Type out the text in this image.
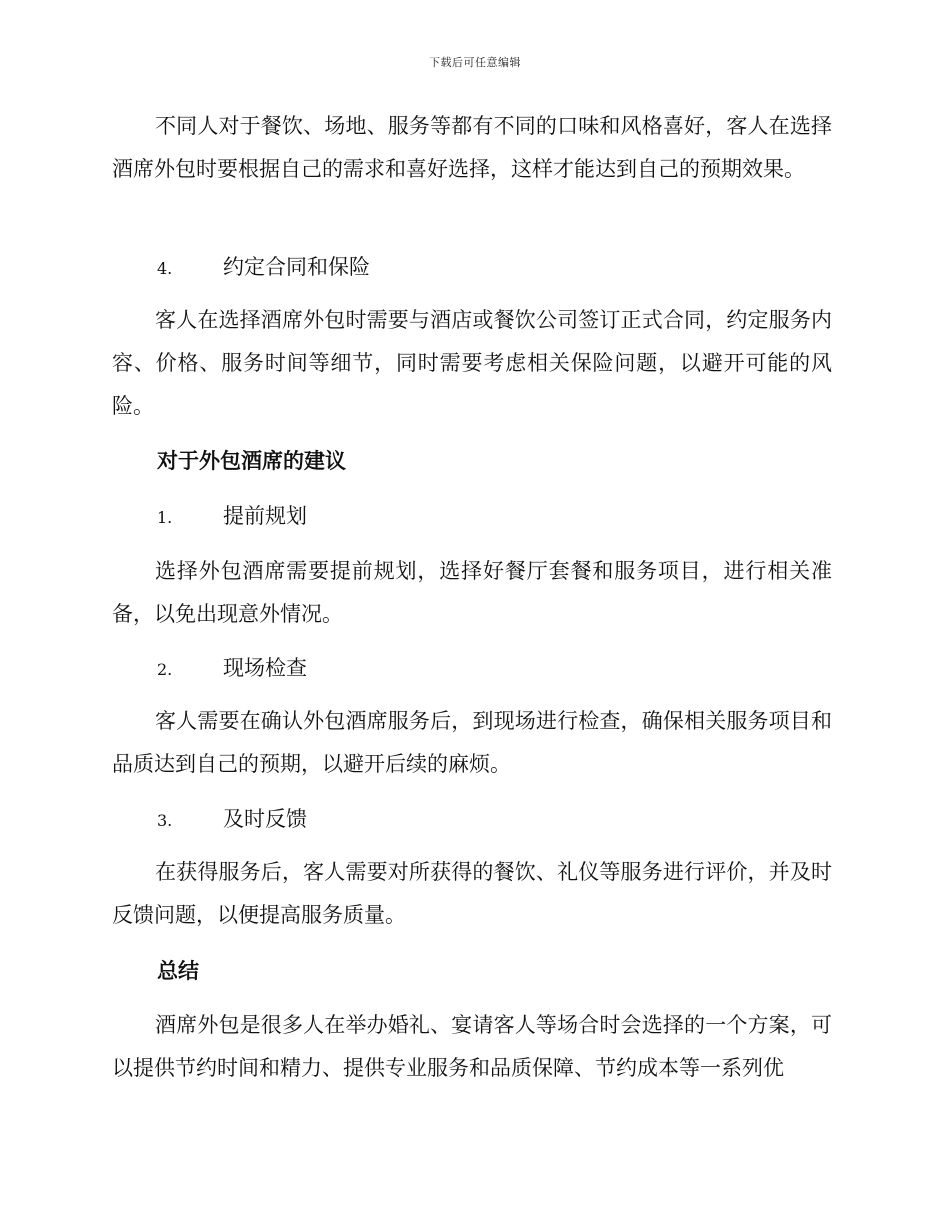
下载后可任意编辑
不同人对于餐饮、场地、服务等都有不同的口味和风格喜好，客人在选择酒席外包时要根据自己的需求和喜好选择，这样才能达到自己的预期效果。
4. 约定合同和保险
客人在选择酒席外包时需要与酒店或餐饮公司签订正式合同，约定服务内容、价格、服务时间等细节，同时需要考虑相关保险问题，以避开可能的风险。
对于外包酒席的建议
1. 提前规划
选择外包酒席需要提前规划，选择好餐厅套餐和服务项目，进行相关准备，以免出现意外情况。
2. 现场检查
客人需要在确认外包酒席服务后，到现场进行检查，确保相关服务项目和品质达到自己的预期，以避开后续的麻烦。
3. 及时反馈
在获得服务后，客人需要对所获得的餐饮、礼仪等服务进行评价，并及时反馈问题，以便提高服务质量。
总结
酒席外包是很多人在举办婚礼、宴请客人等场合时会选择的一个方案，可以提供节约时间和精力、提供专业服务和品质保障、节约成本等一系列优
